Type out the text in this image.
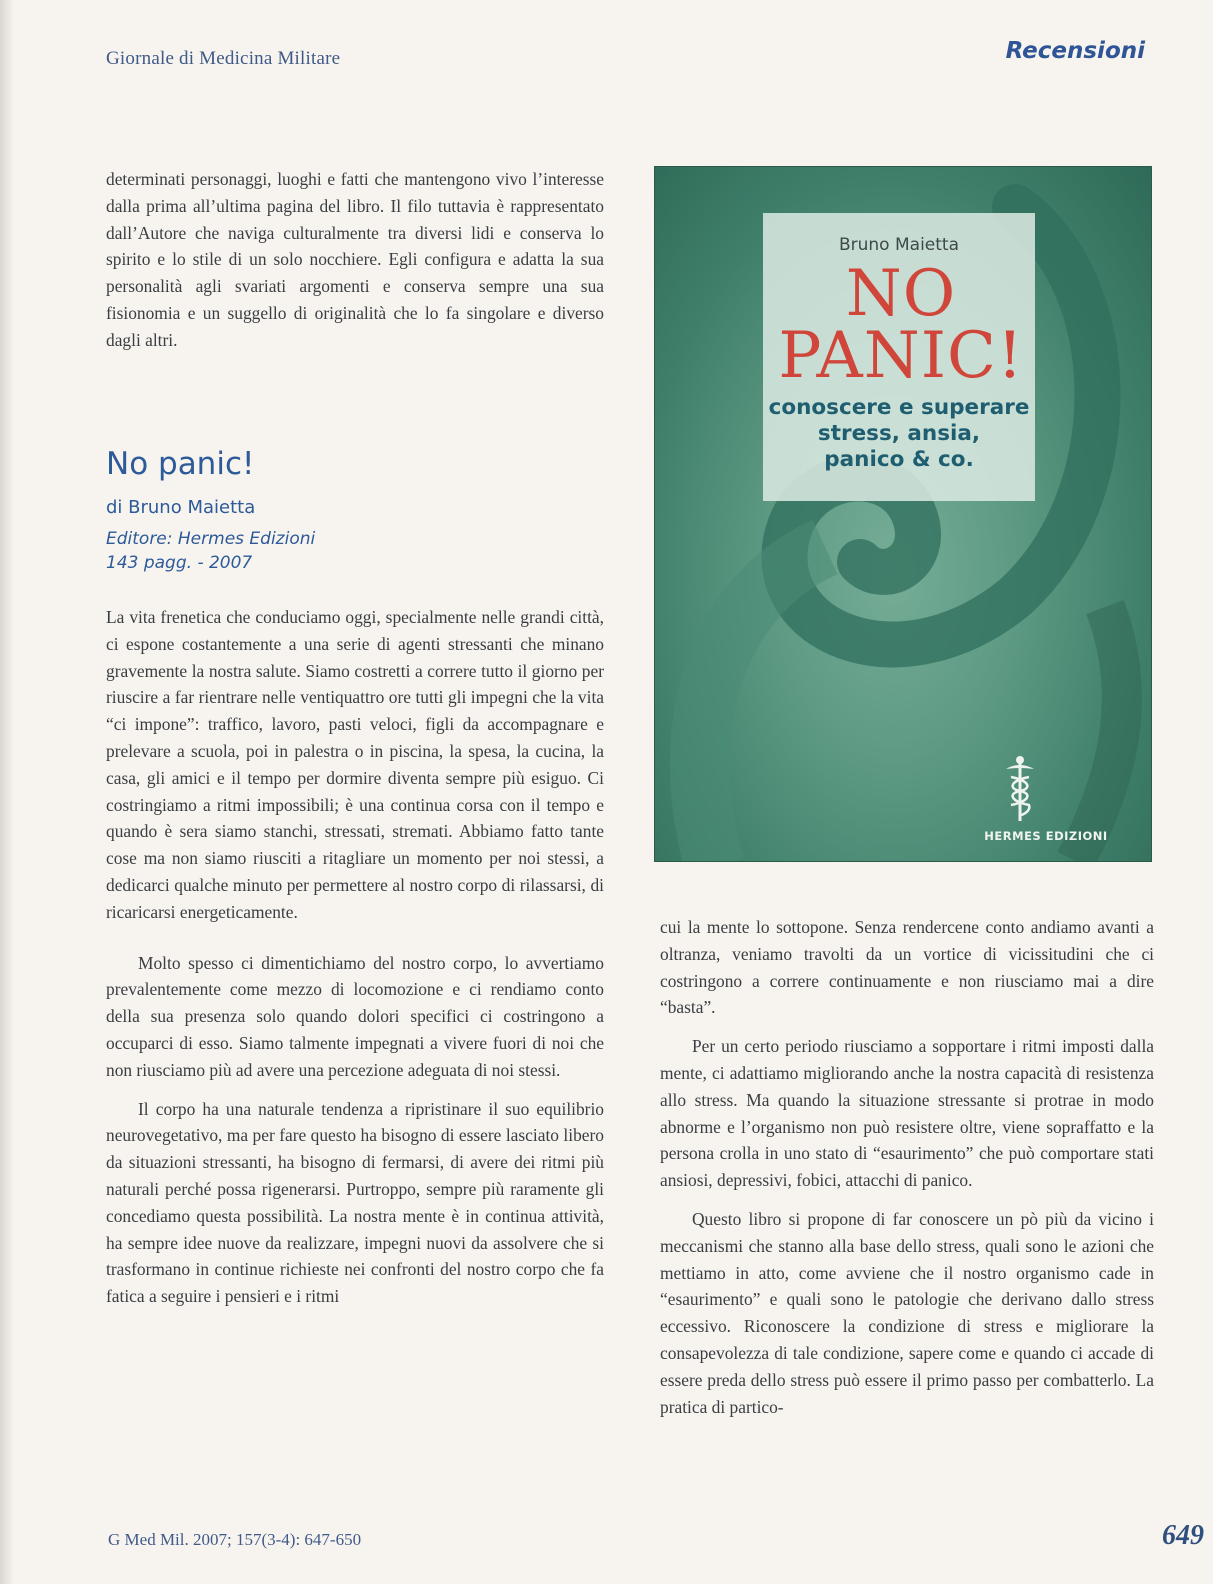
Giornale di Medicina Militare	Recensioni

determinati personaggi, luoghi e fatti che mantengono vivo l’interesse dalla prima all’ultima pagina del libro. Il filo tuttavia è rappresentato dall’Autore che naviga culturalmente tra diversi lidi e conserva lo spirito e lo stile di un solo nocchiere. Egli configura e adatta la sua personalità agli svariati argomenti e conserva sempre una sua fisionomia e un suggello di originalità che lo fa singolare e diverso dagli altri.

No panic!
di Bruno Maietta
Editore: Hermes Edizioni
143 pagg. - 2007
Bruno Maietta
NO
PANIC!
conoscere e superare
stress, ansia,
panico & co.
HERMES EDIZIONI

La vita frenetica che conduciamo oggi, specialmente nelle grandi città, ci espone costantemente a una serie di agenti stressanti che minano gravemente la nostra salute. Siamo costretti a correre tutto il giorno per riuscire a far rientrare nelle ventiquattro ore tutti gli impegni che la vita “ci impone”: traffico, lavoro, pasti veloci, figli da accompagnare e prelevare a scuola, poi in palestra o in piscina, la spesa, la cucina, la casa, gli amici e il tempo per dormire diventa sempre più esiguo. Ci costringiamo a ritmi impossibili; è una continua corsa con il tempo e quando è sera siamo stanchi, stressati, stremati. Abbiamo fatto tante cose ma non siamo riusciti a ritagliare un momento per noi stessi, a dedicarci qualche minuto per permettere al nostro corpo di rilassarsi, di ricaricarsi energeticamente.

Molto spesso ci dimentichiamo del nostro corpo, lo avvertiamo prevalentemente come mezzo di locomozione e ci rendiamo conto della sua presenza solo quando dolori specifici ci costringono a occuparci di esso. Siamo talmente impegnati a vivere fuori di noi che non riusciamo più ad avere una percezione adeguata di noi stessi.

Il corpo ha una naturale tendenza a ripristinare il suo equilibrio neurovegetativo, ma per fare questo ha bisogno di essere lasciato libero da situazioni stressanti, ha bisogno di fermarsi, di avere dei ritmi più naturali perché possa rigenerarsi. Purtroppo, sempre più raramente gli concediamo questa possibilità. La nostra mente è in continua attività, ha sempre idee nuove da realizzare, impegni nuovi da assolvere che si trasformano in continue richieste nei confronti del nostro corpo che fa fatica a seguire i pensieri e i ritmi

cui la mente lo sottopone. Senza rendercene conto andiamo avanti a oltranza, veniamo travolti da un vortice di vicissitudini che ci costringono a correre continuamente e non riusciamo mai a dire “basta”.

Per un certo periodo riusciamo a sopportare i ritmi imposti dalla mente, ci adattiamo migliorando anche la nostra capacità di resistenza allo stress. Ma quando la situazione stressante si protrae in modo abnorme e l’organismo non può resistere oltre, viene sopraffatto e la persona crolla in uno stato di “esaurimento” che può comportare stati ansiosi, depressivi, fobici, attacchi di panico.

Questo libro si propone di far conoscere un pò più da vicino i meccanismi che stanno alla base dello stress, quali sono le azioni che mettiamo in atto, come avviene che il nostro organismo cade in “esaurimento” e quali sono le patologie che derivano dallo stress eccessivo. Riconoscere la condizione di stress e migliorare la consapevolezza di tale condizione, sapere come e quando ci accade di essere preda dello stress può essere il primo passo per combatterlo. La pratica di partico-

G Med Mil. 2007; 157(3-4): 647-650	649
